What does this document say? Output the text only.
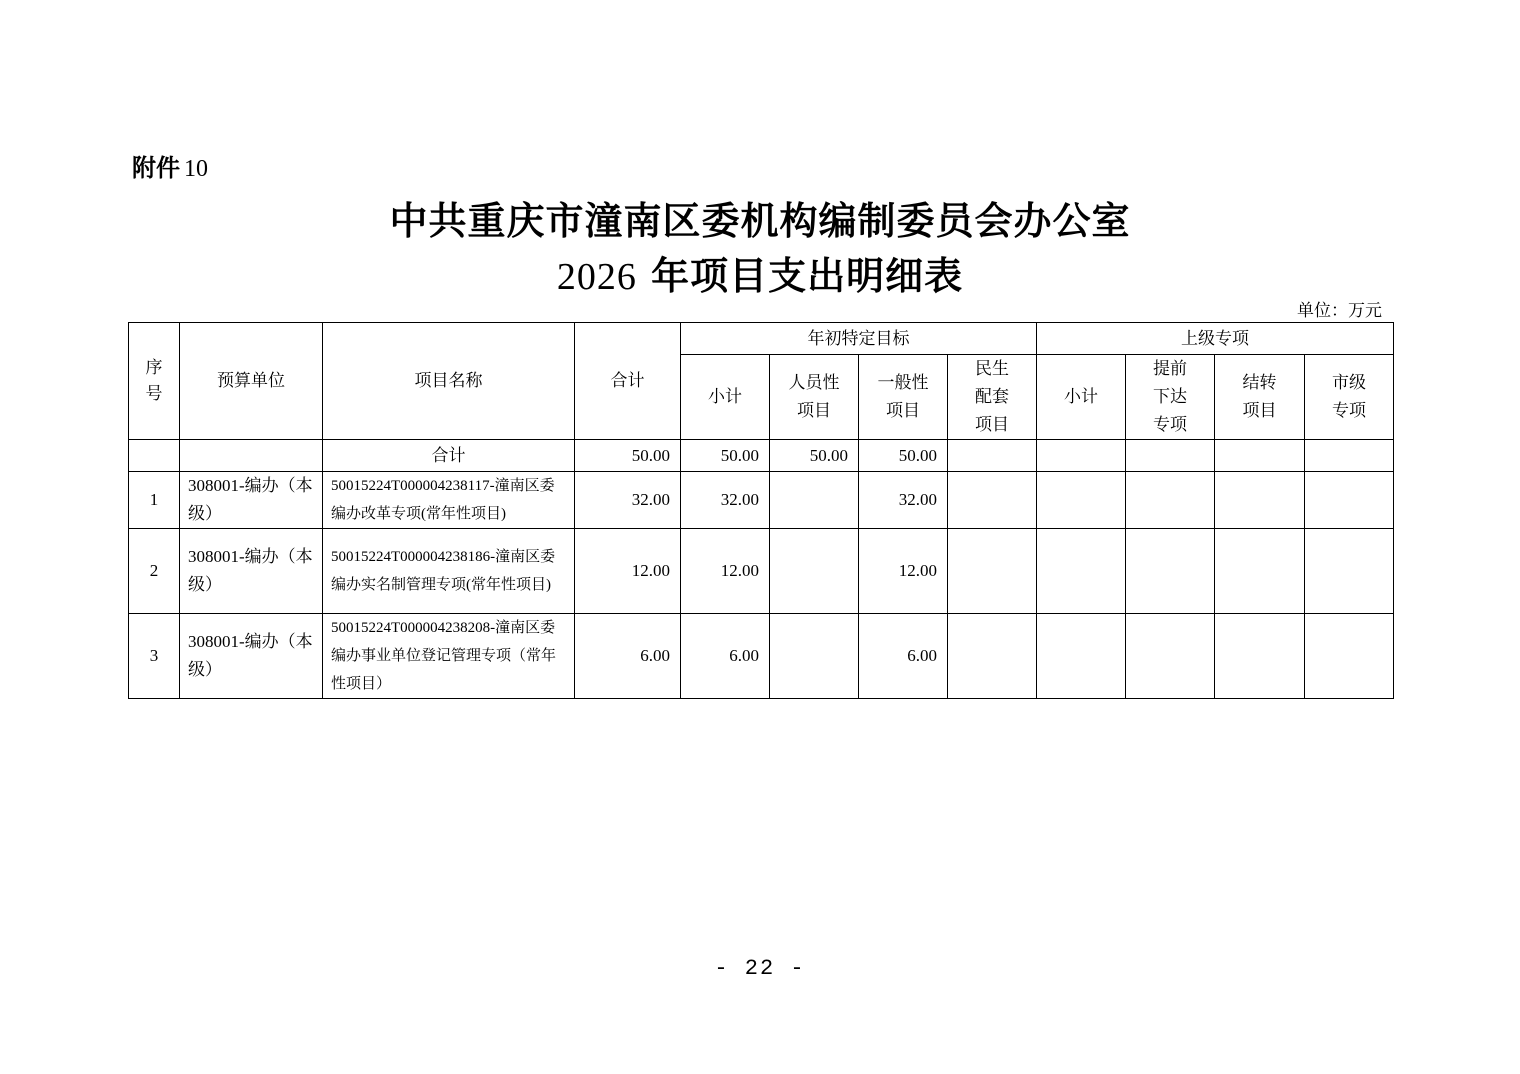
附件 10
中共重庆市潼南区委机构编制委员会办公室
2026 年项目支出明细表
单位：万元
序号	预算单位	项目名称	合计	年初特定目标				上级专项			
				小计	人员性项目	一般性项目	民生配套项目	小计	提前下达专项	结转项目	市级专项
		合计	50.00	50.00	50.00	50.00					
1	308001-编办（本级）	50015224T000004238117-潼南区委编办改革专项(常年性项目)	32.00	32.00		32.00					
2	308001-编办（本级）	50015224T000004238186-潼南区委编办实名制管理专项(常年性项目)	12.00	12.00		12.00					
3	308001-编办（本级）	50015224T000004238208-潼南区委编办事业单位登记管理专项（常年性项目）	6.00	6.00		6.00					
- 22 -
